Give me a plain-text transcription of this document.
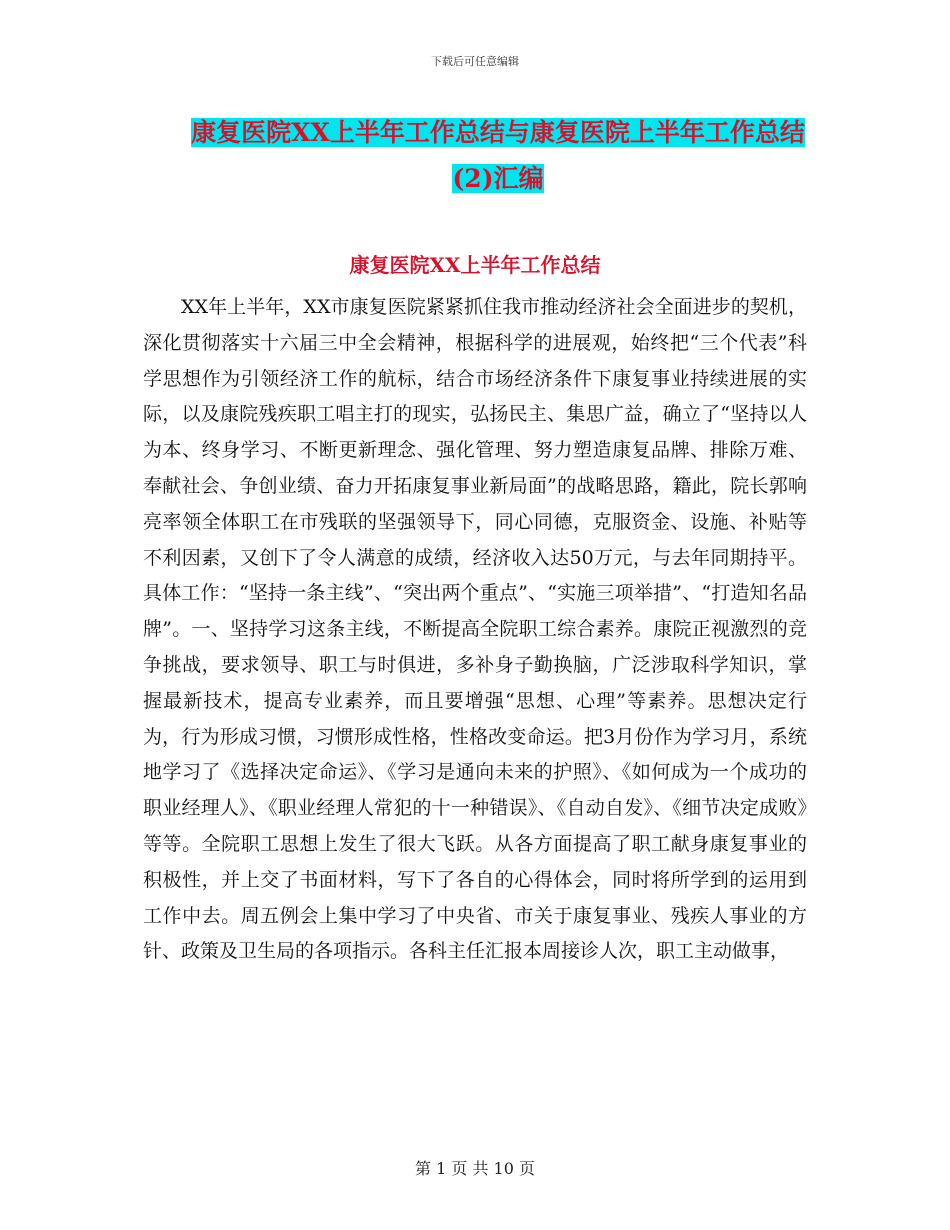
下载后可任意编辑
康复医院XX上半年工作总结与康复医院上半年工作总结(2)汇编
康复医院XX上半年工作总结

XX年上半年，XX市康复医院紧紧抓住我市推动经济社会全面进步的契机，深化贯彻落实十六届三中全会精神，根据科学的进展观，始终把“三个代表”科学思想作为引领经济工作的航标，结合市场经济条件下康复事业持续进展的实际，以及康院残疾职工唱主打的现实，弘扬民主、集思广益，确立了“坚持以人为本、终身学习、不断更新理念、强化管理、努力塑造康复品牌、排除万难、奉献社会、争创业绩、奋力开拓康复事业新局面”的战略思路，籍此，院长郭响亮率领全体职工在市残联的坚强领导下，同心同德，克服资金、设施、补贴等不利因素，又创下了令人满意的成绩，经济收入达50万元，与去年同期持平。具体工作：“坚持一条主线”、“突出两个重点”、“实施三项举措”、“打造知名品牌”。一、坚持学习这条主线，不断提高全院职工综合素养。康院正视激烈的竞争挑战，要求领导、职工与时俱进，多补身子勤换脑，广泛涉取科学知识，掌握最新技术，提高专业素养，而且要增强“思想、心理”等素养。思想决定行为，行为形成习惯，习惯形成性格，性格改变命运。把3月份作为学习月，系统地学习了《选择决定命运》、《学习是通向未来的护照》、《如何成为一个成功的职业经理人》、《职业经理人常犯的十一种错误》、《自动自发》、《细节决定成败》等等。全院职工思想上发生了很大飞跃。从各方面提高了职工献身康复事业的积极性，并上交了书面材料，写下了各自的心得体会，同时将所学到的运用到工作中去。周五例会上集中学习了中央省、市关于康复事业、残疾人事业的方针、政策及卫生局的各项指示。各科主任汇报本周接诊人次，职工主动做事，

第 1 页 共 10 页
